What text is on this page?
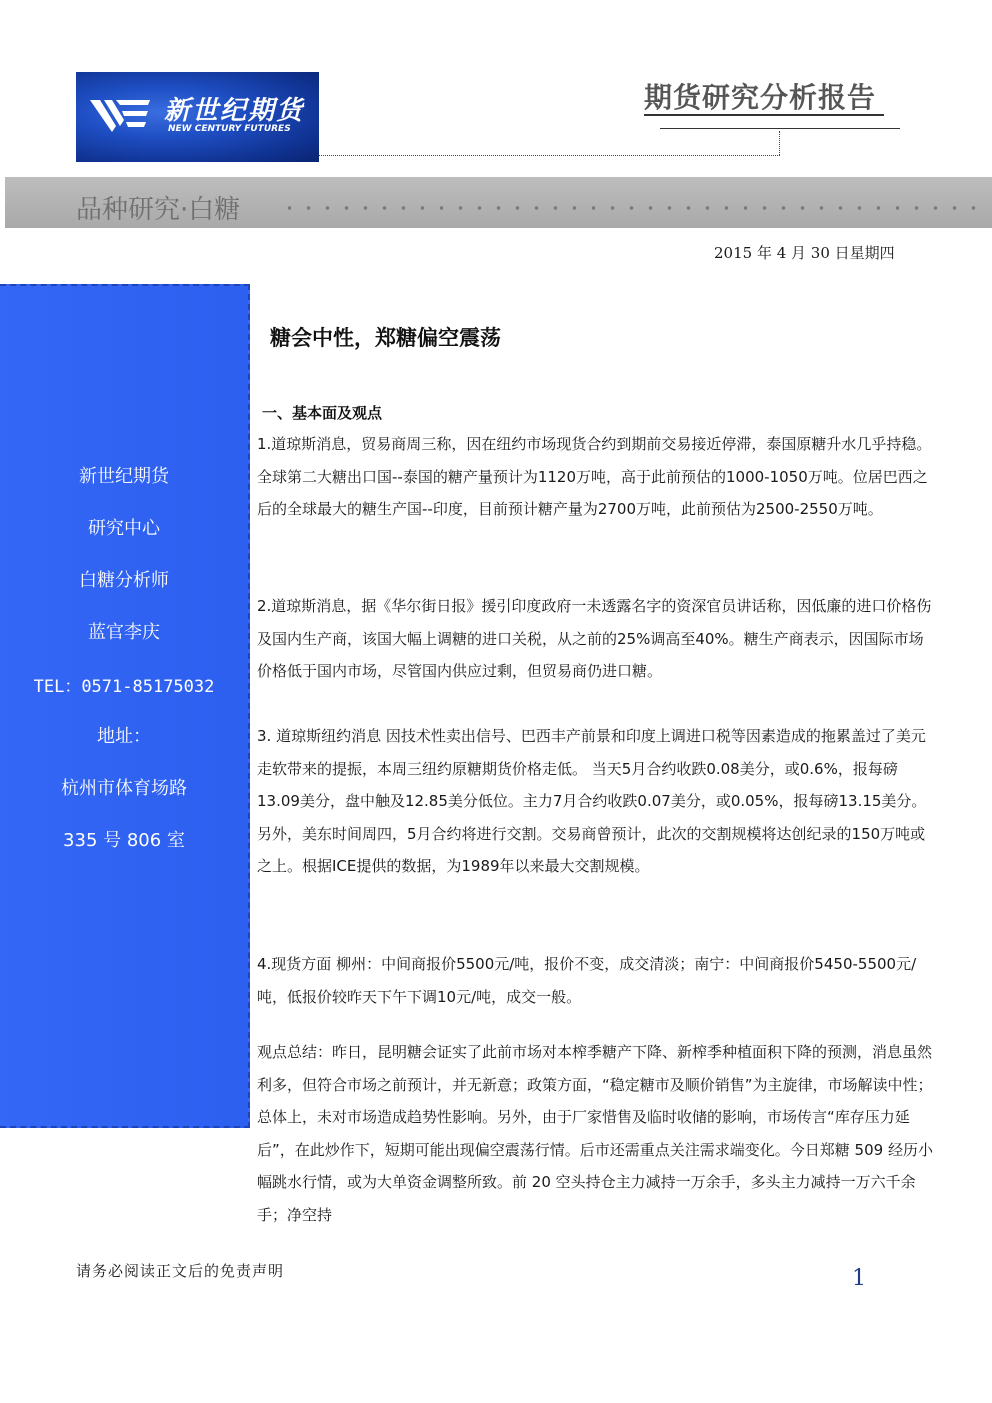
新世纪期货
NEW CENTURY FUTURES
期货研究分析报告
品种研究·白糖
2015 年 4 月 30 日星期四
新世纪期货
研究中心
白糖分析师
蓝官李庆
TEL：0571-85175032
地址：
杭州市体育场路
335 号 806 室
糖会中性，郑糖偏空震荡
一、基本面及观点
1.道琼斯消息，贸易商周三称，因在纽约市场现货合约到期前交易接近停滞，泰国原糖升水几乎持稳。全球第二大糖出口国--泰国的糖产量预计为1120万吨，高于此前预估的1000-1050万吨。位居巴西之后的全球最大的糖生产国--印度，目前预计糖产量为2700万吨，此前预估为2500-2550万吨。
2.道琼斯消息，据《华尔街日报》援引印度政府一未透露名字的资深官员讲话称，因低廉的进口价格伤及国内生产商，该国大幅上调糖的进口关税，从之前的25%调高至40%。糖生产商表示，因国际市场价格低于国内市场，尽管国内供应过剩，但贸易商仍进口糖。
3. 道琼斯纽约消息 因技术性卖出信号、巴西丰产前景和印度上调进口税等因素造成的拖累盖过了美元走软带来的提振，本周三纽约原糖期货价格走低。 当天5月合约收跌0.08美分，或0.6%，报每磅13.09美分，盘中触及12.85美分低位。主力7月合约收跌0.07美分，或0.05%，报每磅13.15美分。另外，美东时间周四，5月合约将进行交割。交易商曾预计，此次的交割规模将达创纪录的150万吨或之上。根据ICE提供的数据，为1989年以来最大交割规模。
4.现货方面 柳州：中间商报价5500元/吨，报价不变，成交清淡；南宁：中间商报价5450-5500元/吨，低报价较昨天下午下调10元/吨，成交一般。
观点总结：昨日，昆明糖会证实了此前市场对本榨季糖产下降、新榨季种植面积下降的预测，消息虽然利多，但符合市场之前预计，并无新意；政策方面，“稳定糖市及顺价销售”为主旋律，市场解读中性；总体上，未对市场造成趋势性影响。另外，由于厂家惜售及临时收储的影响，市场传言“库存压力延后”，在此炒作下，短期可能出现偏空震荡行情。后市还需重点关注需求端变化。今日郑糖 509 经历小幅跳水行情，或为大单资金调整所致。前 20 空头持仓主力减持一万余手，多头主力减持一万六千余手；净空持
请务必阅读正文后的免责声明	1
